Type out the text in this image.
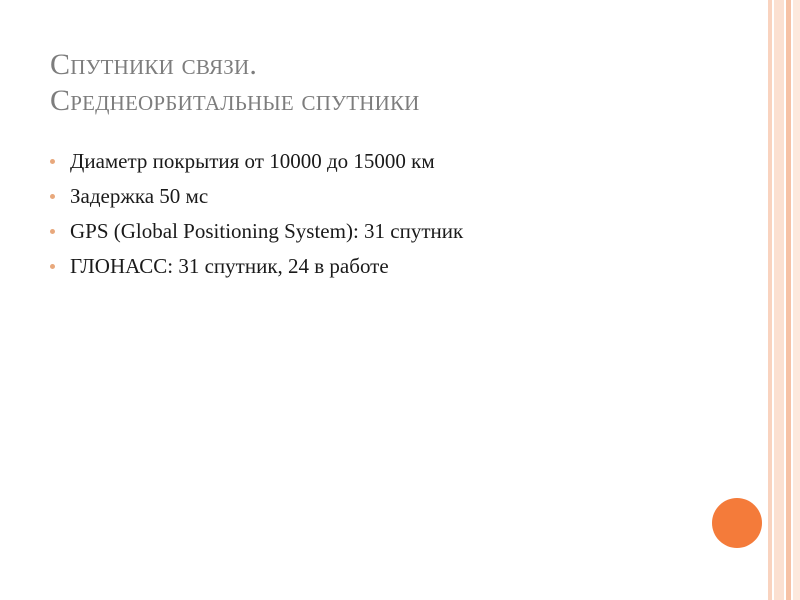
Спутники связи.
Среднеорбитальные спутники
Диаметр покрытия от 10000 до 15000 км
Задержка 50 мс
GPS (Global Positioning System): 31 спутник
ГЛОНАСС: 31 спутник, 24 в работе
